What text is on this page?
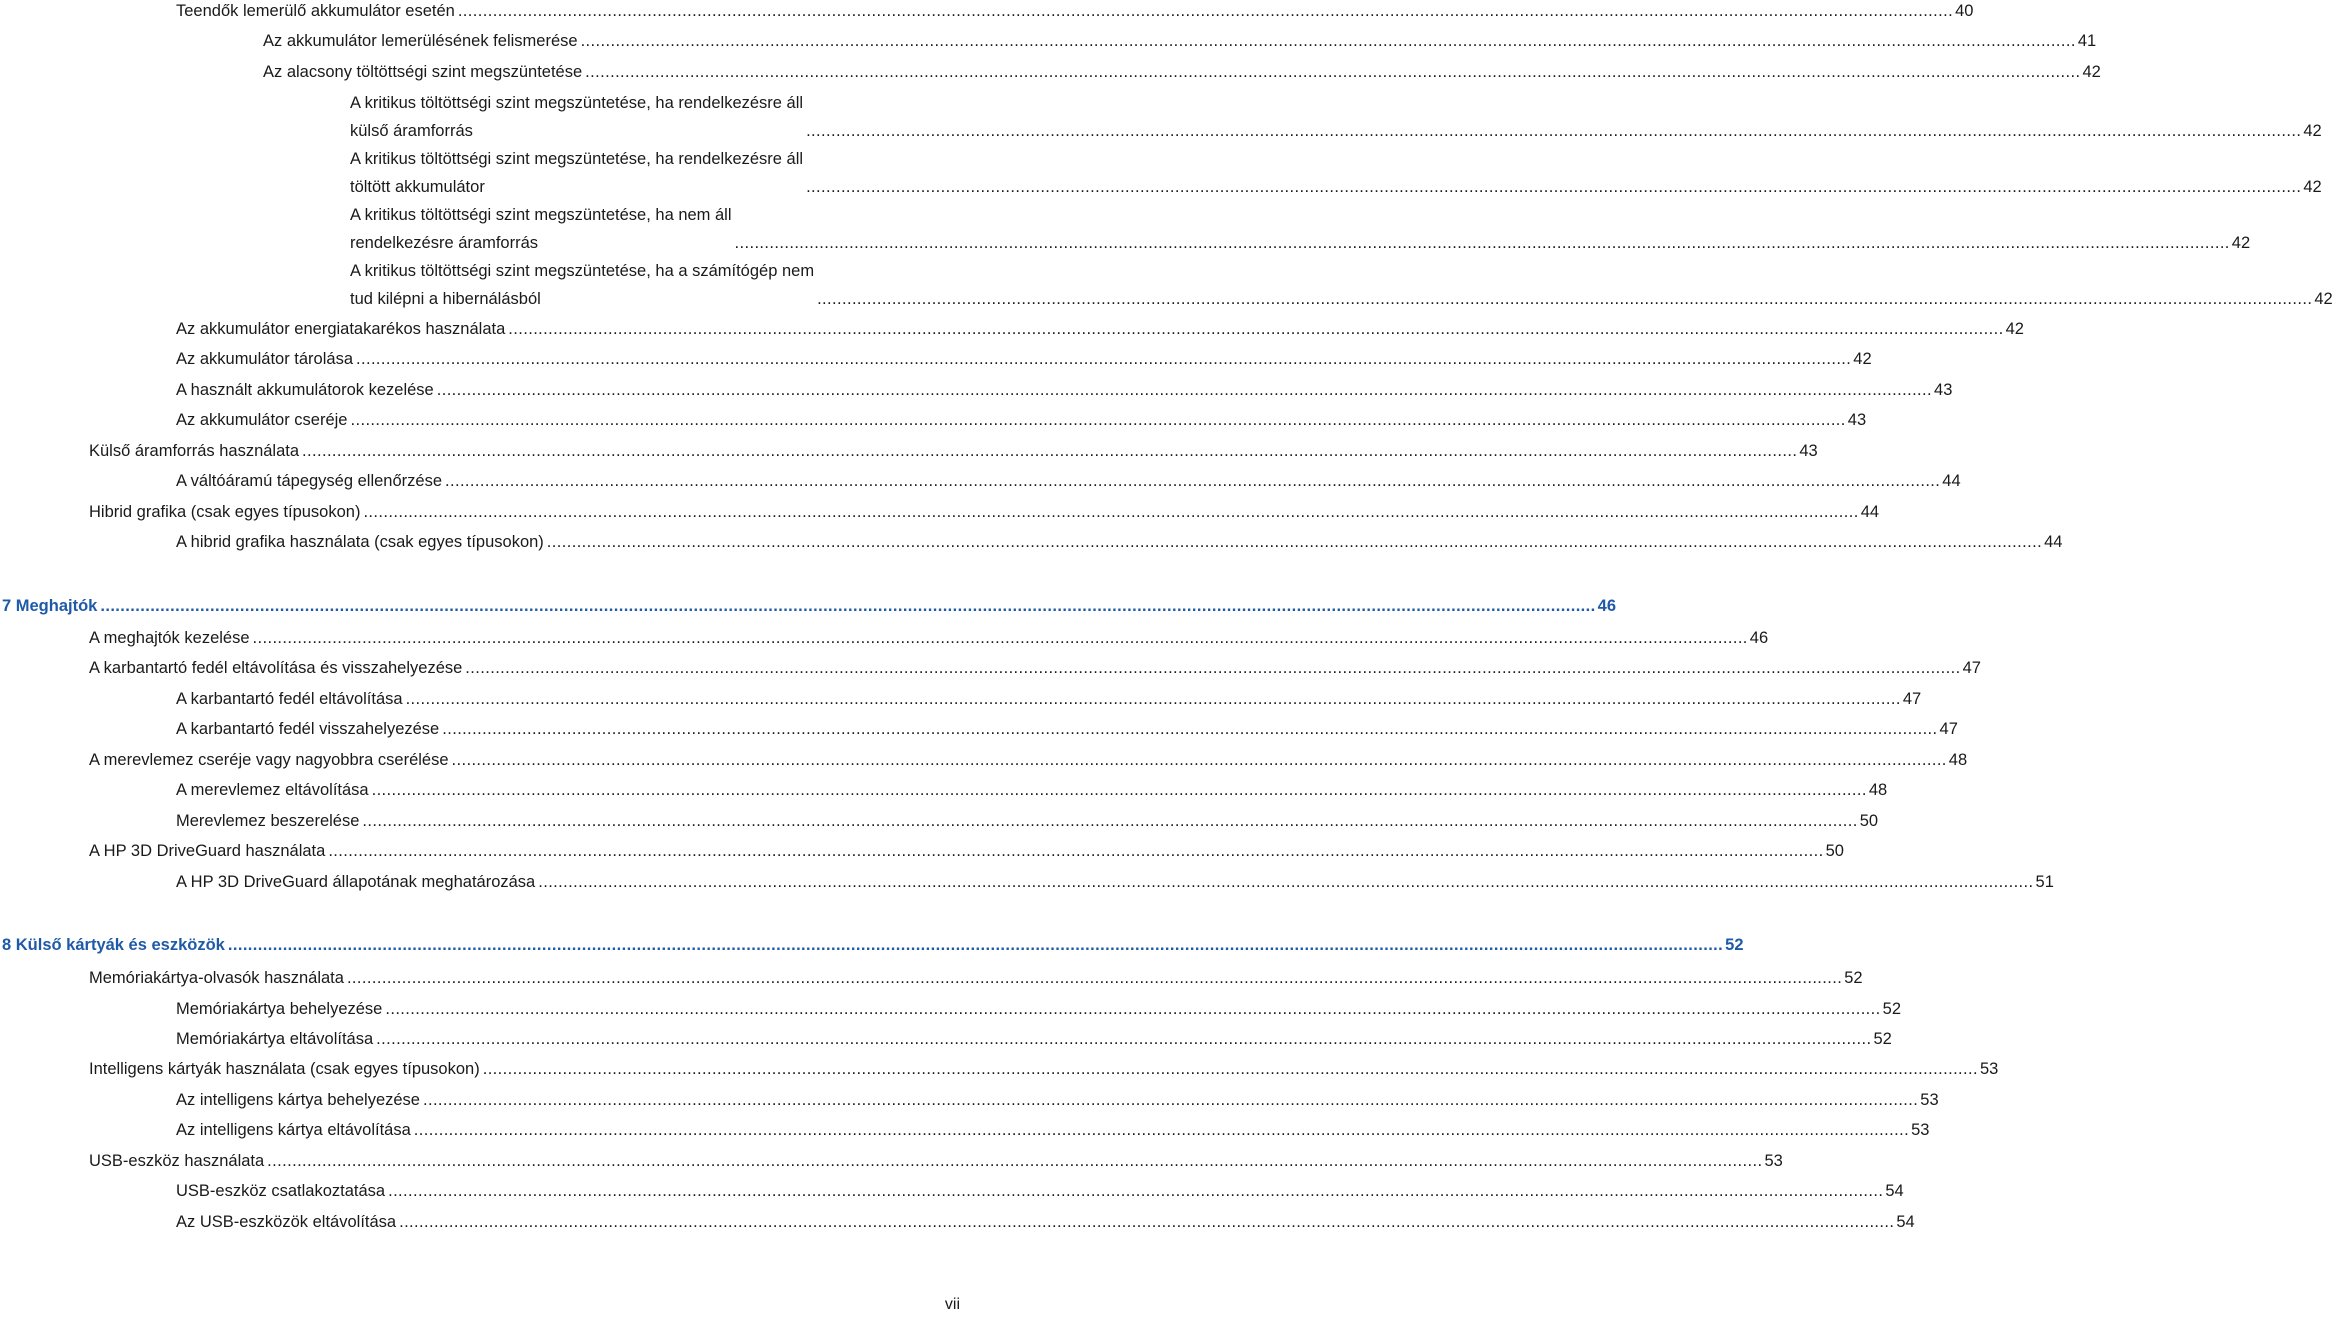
Teendők lemerülő akkumulátor esetén ............................................................................................................................................................................................................................................................................................................ 40
Az akkumulátor lemerülésének felismerése ............................................................................................................................................................................................................................................................................................................ 41
Az alacsony töltöttségi szint megszüntetése ............................................................................................................................................................................................................................................................................................................ 42
A kritikus töltöttségi szint megszüntetése, ha rendelkezésre áll
külső áramforrás	............................................................................................................................................................................................................................................................................................................ 42
A kritikus töltöttségi szint megszüntetése, ha rendelkezésre áll
töltött akkumulátor	............................................................................................................................................................................................................................................................................................................ 42
A kritikus töltöttségi szint megszüntetése, ha nem áll
rendelkezésre áramforrás	............................................................................................................................................................................................................................................................................................................ 42
A kritikus töltöttségi szint megszüntetése, ha a számítógép nem
tud kilépni a hibernálásból	............................................................................................................................................................................................................................................................................................................ 42
Az akkumulátor energiatakarékos használata ............................................................................................................................................................................................................................................................................................................ 42
Az akkumulátor tárolása ............................................................................................................................................................................................................................................................................................................ 42
A használt akkumulátorok kezelése ............................................................................................................................................................................................................................................................................................................ 43
Az akkumulátor cseréje ............................................................................................................................................................................................................................................................................................................ 43
Külső áramforrás használata ............................................................................................................................................................................................................................................................................................................ 43
A váltóáramú tápegység ellenőrzése ............................................................................................................................................................................................................................................................................................................ 44
Hibrid grafika (csak egyes típusokon) ............................................................................................................................................................................................................................................................................................................ 44
A hibrid grafika használata (csak egyes típusokon) ............................................................................................................................................................................................................................................................................................................ 44
7 Meghajtók ............................................................................................................................................................................................................................................................................................................ 46
A meghajtók kezelése ............................................................................................................................................................................................................................................................................................................ 46
A karbantartó fedél eltávolítása és visszahelyezése ............................................................................................................................................................................................................................................................................................................ 47
A karbantartó fedél eltávolítása ............................................................................................................................................................................................................................................................................................................ 47
A karbantartó fedél visszahelyezése ............................................................................................................................................................................................................................................................................................................ 47
A merevlemez cseréje vagy nagyobbra cserélése ............................................................................................................................................................................................................................................................................................................ 48
A merevlemez eltávolítása ............................................................................................................................................................................................................................................................................................................ 48
Merevlemez beszerelése ............................................................................................................................................................................................................................................................................................................ 50
A HP 3D DriveGuard használata ............................................................................................................................................................................................................................................................................................................ 50
A HP 3D DriveGuard állapotának meghatározása ............................................................................................................................................................................................................................................................................................................ 51
8 Külső kártyák és eszközök ............................................................................................................................................................................................................................................................................................................ 52
Memóriakártya-olvasók használata ............................................................................................................................................................................................................................................................................................................ 52
Memóriakártya behelyezése ............................................................................................................................................................................................................................................................................................................ 52
Memóriakártya eltávolítása ............................................................................................................................................................................................................................................................................................................ 52
Intelligens kártyák használata (csak egyes típusokon) ............................................................................................................................................................................................................................................................................................................ 53
Az intelligens kártya behelyezése ............................................................................................................................................................................................................................................................................................................ 53
Az intelligens kártya eltávolítása ............................................................................................................................................................................................................................................................................................................ 53
USB-eszköz használata ............................................................................................................................................................................................................................................................................................................ 53
USB-eszköz csatlakoztatása ............................................................................................................................................................................................................................................................................................................ 54
Az USB-eszközök eltávolítása ............................................................................................................................................................................................................................................................................................................ 54
vii
